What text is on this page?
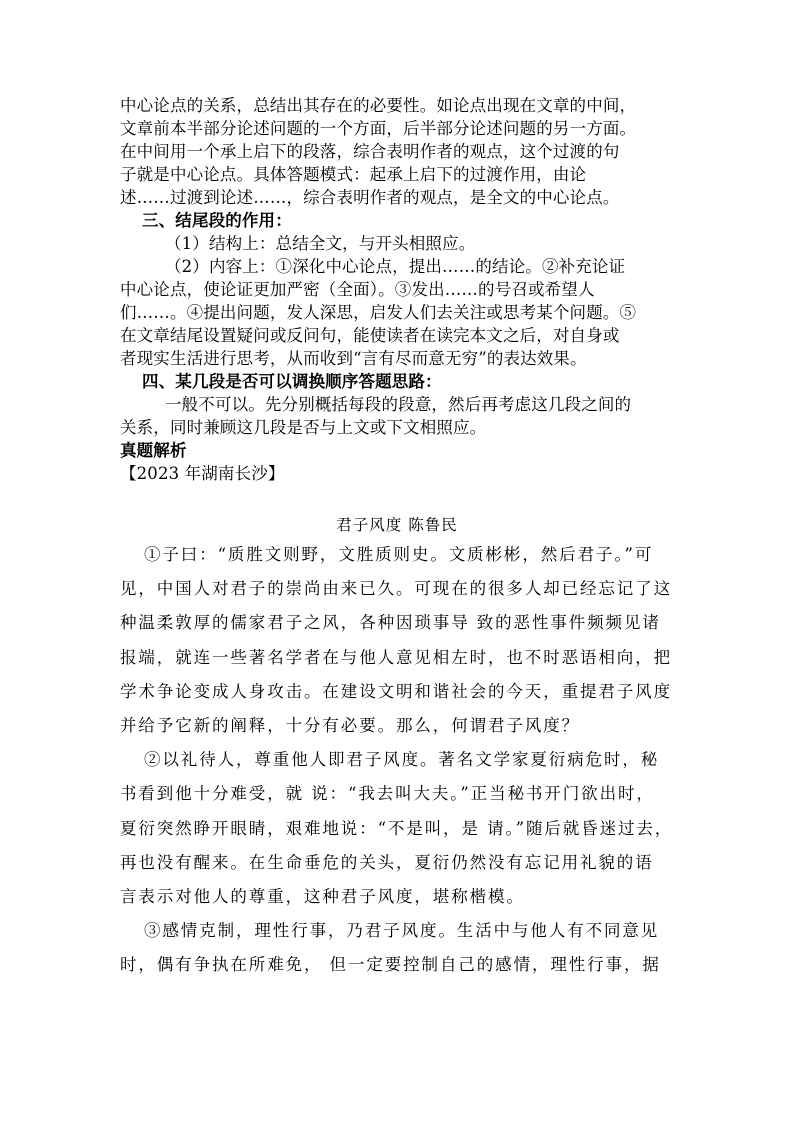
中心论点的关系，总结出其存在的必要性。如论点出现在文章的中间，

文章前本半部分论述问题的一个方面，后半部分论述问题的另一方面。

在中间用一个承上启下的段落，综合表明作者的观点，这个过渡的句

子就是中心论点。具体答题模式：起承上启下的过渡作用，由论

述……过渡到论述……，综合表明作者的观点，是全文的中心论点。

三、结尾段的作用：

（1）结构上：总结全文，与开头相照应。

（2）内容上：①深化中心论点，提出……的结论。②补充论证

中心论点，使论证更加严密（全面）。③发出……的号召或希望人

们……。④提出问题，发人深思，启发人们去关注或思考某个问题。⑤

在文章结尾设置疑问或反问句，能使读者在读完本文之后，对自身或

者现实生活进行思考，从而收到“言有尽而意无穷”的表达效果。

四、某几段是否可以调换顺序答题思路：

一般不可以。先分别概括每段的段意，然后再考虑这几段之间的

关系，同时兼顾这几段是否与上文或下文相照应。

真题解析

【2023 年湖南长沙】

君子风度 陈鲁民

①子曰：“质胜文则野，文胜质则史。文质彬彬，然后君子。”可

见，中国人对君子的崇尚由来已久。可现在的很多人却已经忘记了这

种温柔敦厚的儒家君子之风，各种因琐事导 致的恶性事件频频见诸

报端，就连一些著名学者在与他人意见相左时，也不时恶语相向，把

学术争论变成人身攻击。在建设文明和谐社会的今天，重提君子风度

并给予它新的阐释，十分有必要。那么，何谓君子风度？

②以礼待人，尊重他人即君子风度。著名文学家夏衍病危时，秘

书看到他十分难受，就 说：“我去叫大夫。”正当秘书开门欲出时，

夏衍突然睁开眼睛，艰难地说：“不是叫，是 请。”随后就昏迷过去，

再也没有醒来。在生命垂危的关头，夏衍仍然没有忘记用礼貌的语

言表示对他人的尊重，这种君子风度，堪称楷模。

③感情克制，理性行事，乃君子风度。生活中与他人有不同意见

时，偶有争执在所难免， 但一定要控制自己的感情，理性行事，据
